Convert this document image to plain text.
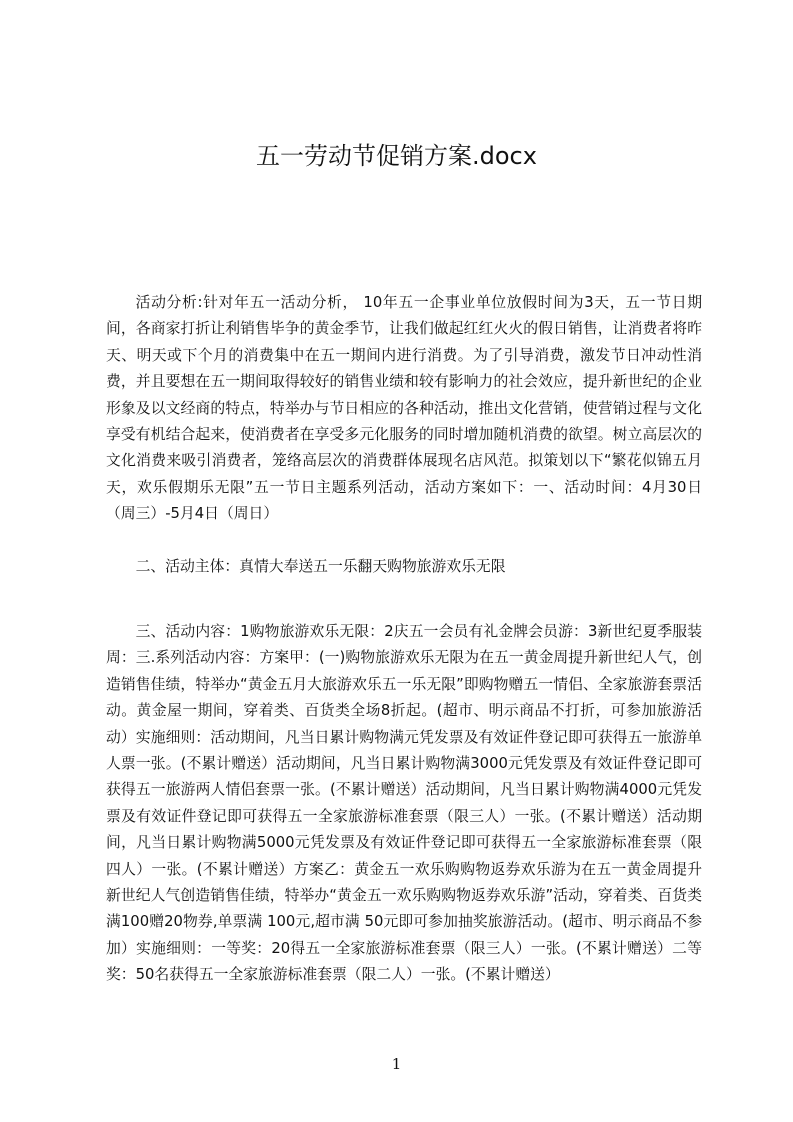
五一劳动节促销方案.docx

活动分析:针对年五一活动分析， 10年五一企事业单位放假时间为3天，五一节日期间，各商家打折让利销售毕争的黄金季节，让我们做起红红火火的假日销售，让消费者将昨天、明天或下个月的消费集中在五一期间内进行消费。为了引导消费，激发节日冲动性消费，并且要想在五一期间取得较好的销售业绩和较有影响力的社会效应，提升新世纪的企业形象及以文经商的特点，特举办与节日相应的各种活动，推出文化营销，使营销过程与文化享受有机结合起来，使消费者在享受多元化服务的同时增加随机消费的欲望。树立高层次的文化消费来吸引消费者，笼络高层次的消费群体展现名店风范。拟策划以下“繁花似锦五月天，欢乐假期乐无限”五一节日主题系列活动，活动方案如下：一、活动时间：4月30日（周三）-5月4日（周日）

二、活动主体：真情大奉送五一乐翻天购物旅游欢乐无限

三、活动内容：1购物旅游欢乐无限：2庆五一会员有礼金牌会员游：3新世纪夏季服装周：三.系列活动内容：方案甲：(一)购物旅游欢乐无限为在五一黄金周提升新世纪人气，创造销售佳绩，特举办“黄金五月大旅游欢乐五一乐无限”即购物赠五一情侣、全家旅游套票活动。黄金屋一期间，穿着类、百货类全场8折起。(超市、明示商品不打折，可参加旅游活动）实施细则：活动期间，凡当日累计购物满元凭发票及有效证件登记即可获得五一旅游单人票一张。(不累计赠送）活动期间，凡当日累计购物满3000元凭发票及有效证件登记即可获得五一旅游两人情侣套票一张。(不累计赠送）活动期间，凡当日累计购物满4000元凭发票及有效证件登记即可获得五一全家旅游标准套票（限三人）一张。(不累计赠送）活动期间，凡当日累计购物满5000元凭发票及有效证件登记即可获得五一全家旅游标准套票（限四人）一张。(不累计赠送）方案乙：黄金五一欢乐购购物返券欢乐游为在五一黄金周提升新世纪人气创造销售佳绩，特举办“黄金五一欢乐购购物返券欢乐游”活动，穿着类、百货类满100赠20物券,单票满 100元,超市满 50元即可参加抽奖旅游活动。(超市、明示商品不参加）实施细则：一等奖：20得五一全家旅游标准套票（限三人）一张。(不累计赠送）二等奖：50名获得五一全家旅游标准套票（限二人）一张。(不累计赠送）

1
